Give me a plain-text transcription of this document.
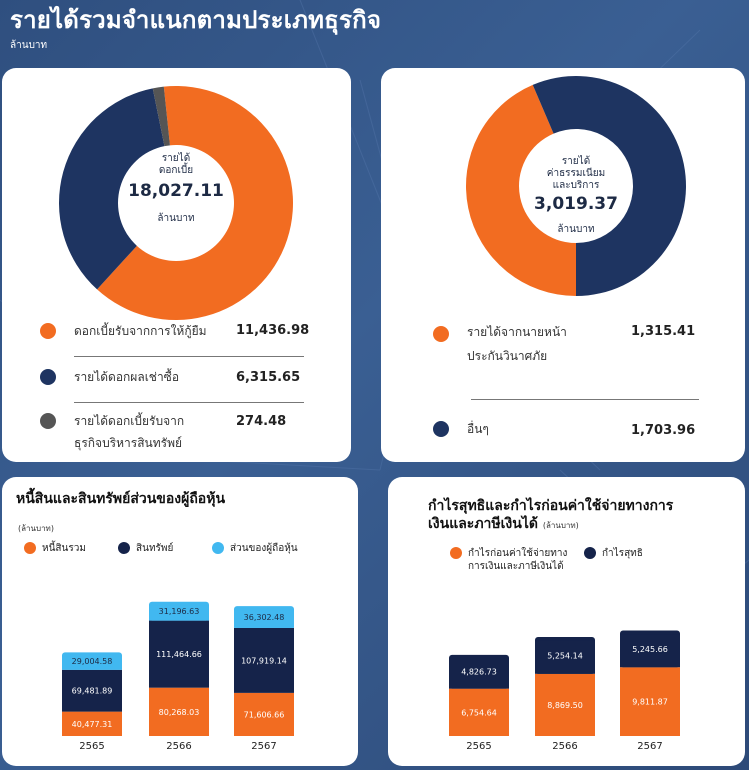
รายได้รวมจำแนกตามประเภทธุรกิจ
ล้านบาท
รายได้
ดอกเบี้ย
18,027.11
ล้านบาท
ดอกเบี้ยรับจากการให้กู้ยืม 11,436.98
รายได้ดอกผลเช่าซื้อ	6,315.65
รายได้ดอกเบี้ยรับจาก
ธุรกิจบริหารสินทรัพย์
274.48
รายได้
ค่าธรรมเนียม
และบริการ
3,019.37
ล้านบาท
รายได้จากนายหน้า
ประกันวินาศภัย
1,315.41
อื่นๆ	1,703.96
หนี้สินและสินทรัพย์ส่วนของผู้ถือหุ้น
(ล้านบาท)
หนี้สินรวม	สินทรัพย์	ส่วนของผู้ถือหุ้น
40,477.31
69,481.89
29,004.58
2565
80,268.03
111,464.66
31,196.63
2566
71,606.66
107,919.14
36,302.48
2567
กำไรสุทธิและกำไรก่อนค่าใช้จ่ายทางการ
เงินและภาษีเงินได้ (ล้านบาท)
กำไรก่อนค่าใช้จ่ายทาง
การเงินและภาษีเงินได้
กำไรสุทธิ
6,754.64
4,826.73
2565
8,869.50
5,254.14
2566
9,811.87
5,245.66
2567
